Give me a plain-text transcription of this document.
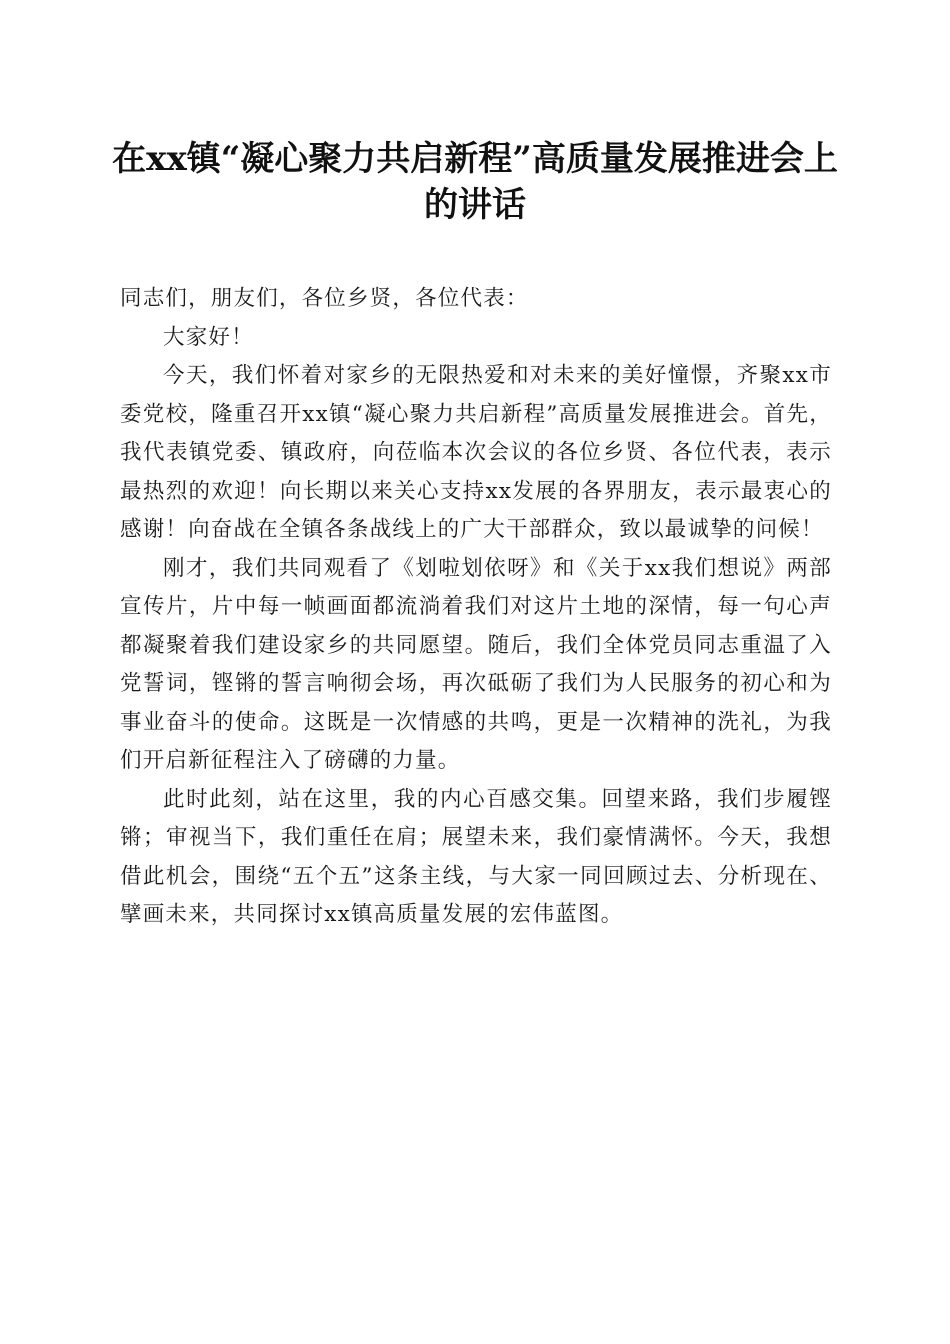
在xx镇“凝心聚力共启新程”高质量发展推进会上的讲话

同志们，朋友们，各位乡贤，各位代表：

大家好！

今天，我们怀着对家乡的无限热爱和对未来的美好憧憬，齐聚xx市委党校，隆重召开xx镇“凝心聚力共启新程”高质量发展推进会。首先，我代表镇党委、镇政府，向莅临本次会议的各位乡贤、各位代表，表示最热烈的欢迎！向长期以来关心支持xx发展的各界朋友，表示最衷心的感谢！向奋战在全镇各条战线上的广大干部群众，致以最诚挚的问候！

刚才，我们共同观看了《划啦划依呀》和《关于xx我们想说》两部宣传片，片中每一帧画面都流淌着我们对这片土地的深情，每一句心声都凝聚着我们建设家乡的共同愿望。随后，我们全体党员同志重温了入党誓词，铿锵的誓言响彻会场，再次砥砺了我们为人民服务的初心和为事业奋斗的使命。这既是一次情感的共鸣，更是一次精神的洗礼，为我们开启新征程注入了磅礴的力量。

此时此刻，站在这里，我的内心百感交集。回望来路，我们步履铿锵；审视当下，我们重任在肩；展望未来，我们豪情满怀。今天，我想借此机会，围绕“五个五”这条主线，与大家一同回顾过去、分析现在、擘画未来，共同探讨xx镇高质量发展的宏伟蓝图。
